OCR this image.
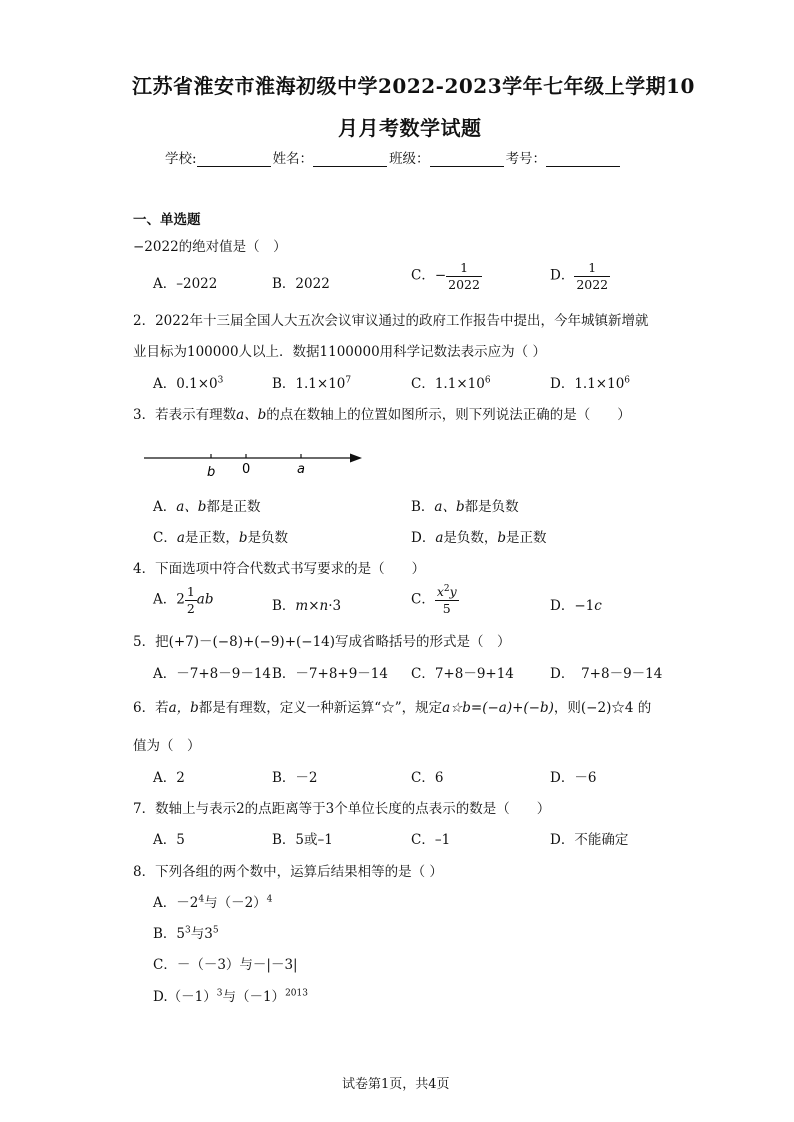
江苏省淮安市淮海初级中学2022-2023学年七年级上学期10
月月考数学试题
学校:	姓名：	班级：	考号：
一、单选题
−2022的绝对值是（　）
A．–2022	B．2022
C．− $\frac{1}{2022}$	D． $\frac{1}{2022}$
2．2022年十三届全国人大五次会议审议通过的政府工作报告中提出，今年城镇新增就
业目标为100000人以上．数据1100000用科学记数法表示应为（ ）
A．$0.1\times 0^3$	B．$1.1\times 10^7$	C．$1.1\times 10^6$	D．$1.1\times 10^6$
3．若表示有理数a、b的点在数轴上的位置如图所示，则下列说法正确的是（　　）
b 0	a
A．a、b都是正数	B．a、b都是负数
C．a是正数，b是负数	D．a是负数，b是正数
4．下面选项中符合代数式书写要求的是（　　）
A．$2 \frac{1}{2}$ ab	B．m×n·3	C． $\frac{x^2y}{5}$	D．−1c
5．把(+7)－(−8)+(−9)+(−14)写成省略括号的形式是（　）
A．－7+8－9－14 B．－7+8+9－14 C．7+8－9+14	D．　7+8－9－14
6．若a，b都是有理数，定义一种新运算“☆”，规定a☆b=(−a)+(−b)，则(−2)☆4 的
值为（　）
A．2	B．－2	C．6	D．－6
7．数轴上与表示2的点距离等于3个单位长度的点表示的数是（　　）
A．5	B．5或–1	C．–1	D．不能确定
8．下列各组的两个数中，运算后结果相等的是（ ）
A．$-2^4$与$(-2)^4$
B．$5^3$与$3^5$
C．－（－3）与－|－3|
$D.(-1)^3$与$(-1)^{2013}$
试卷第1页，共4页
